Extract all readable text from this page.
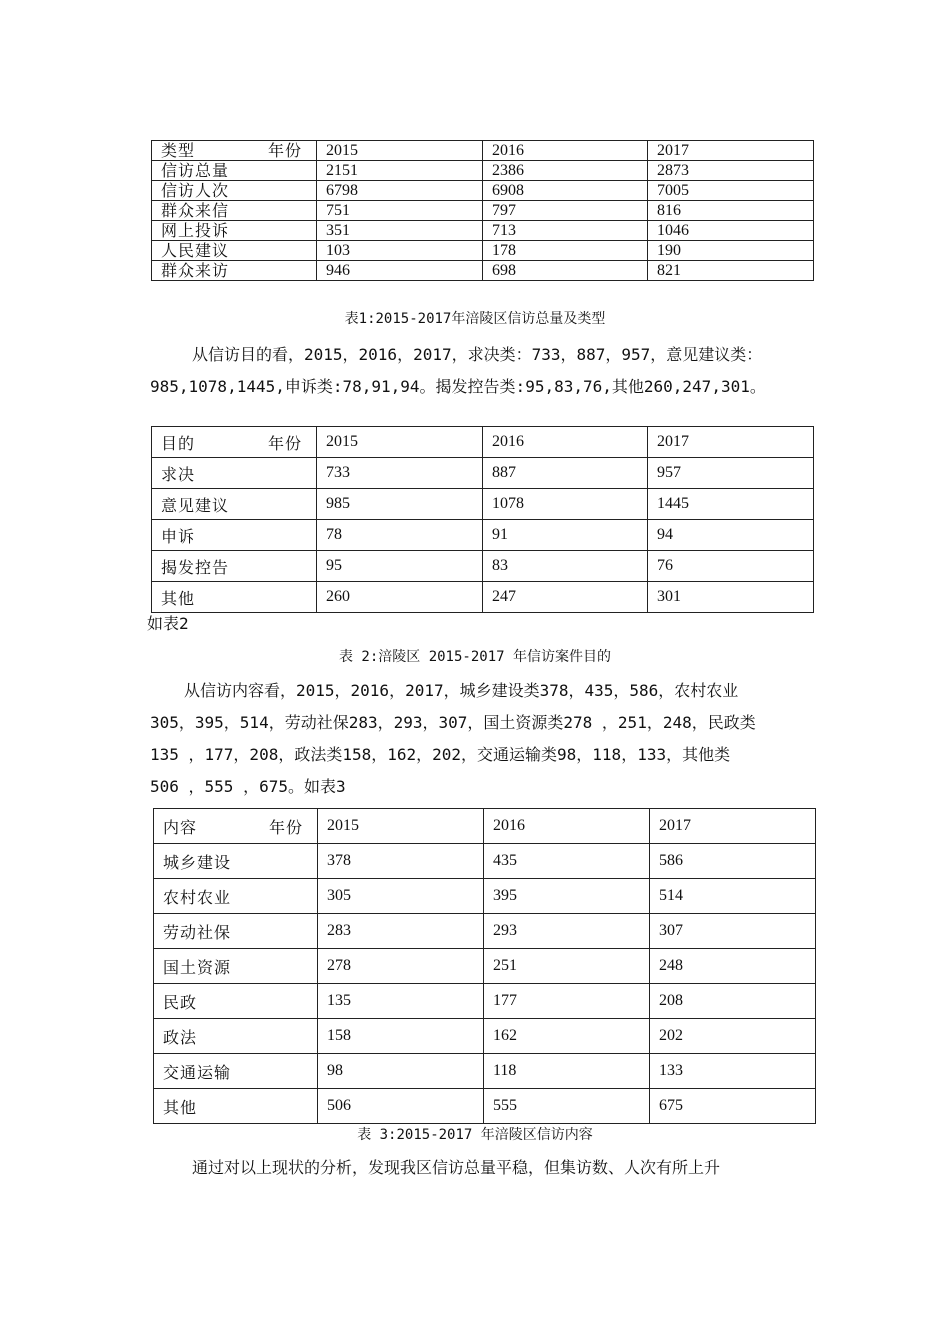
年份
类型	2015	2016	2017
信访总量	2151	2386	2873
信访人次	6798	6908	7005
群众来信	751	797	816
网上投诉	351	713	1046
人民建议	103	178	190
群众来访	946	698	821
表1:2015-2017年涪陵区信访总量及类型
从信访目的看，2015，2016，2017，求决类：733，887，957，意见建议类：
985,1078,1445,申诉类:78,91,94。揭发控告类:95,83,76,其他260,247,301。
年份
目的	2015	2016	2017
求决	733	887	957
意见建议	985	1078	1445
申诉	78	91	94
揭发控告	95	83	76
其他	260	247	301
如表2
表 2:涪陵区 2015-2017 年信访案件目的
从信访内容看，2015，2016，2017，城乡建设类378，435，586，农村农业
305，395，514，劳动社保283，293，307，国土资源类278 ，251，248，民政类
135 ，177，208，政法类158，162，202，交通运输类98，118，133，其他类
506 ，555 ，675。如表3
年份
内容	2015	2016	2017
城乡建设	378	435	586
农村农业	305	395	514
劳动社保	283	293	307
国土资源	278	251	248
民政	135	177	208
政法	158	162	202
交通运输	98	118	133
其他	506	555	675
表 3:2015-2017 年涪陵区信访内容
通过对以上现状的分析，发现我区信访总量平稳，但集访数、人次有所上升
